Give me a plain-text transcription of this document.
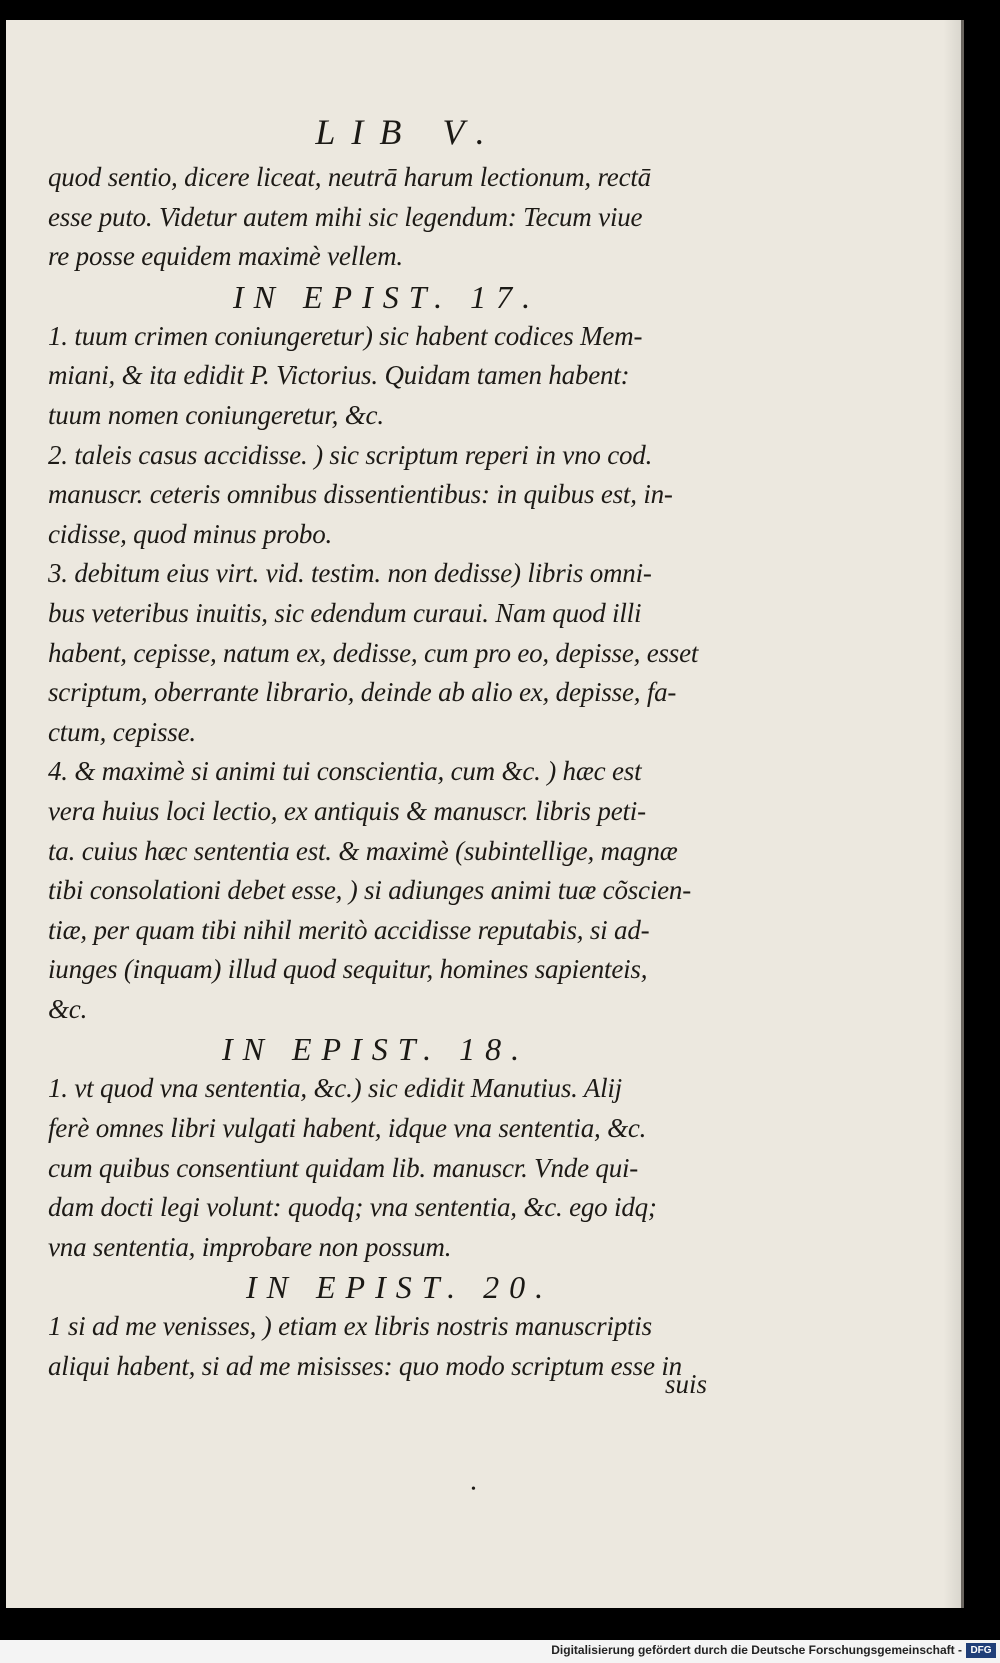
LIB V.
quod sentio, dicere liceat, neutrā harum lectionum, rectā
esse puto. Videtur autem mihi sic legendum: Tecum viue
re posse equidem maximè vellem.
IN EPIST. 17.
1. tuum crimen coniungeretur) sic habent codices Mem-
miani, & ita edidit P. Victorius. Quidam tamen habent:
tuum nomen coniungeretur, &c.
2. taleis casus accidisse. ) sic scriptum reperi in vno cod.
manuscr. ceteris omnibus dissentientibus: in quibus est, in-
cidisse, quod minus probo.
3. debitum eius virt. vid. testim. non dedisse) libris omni-
bus veteribus inuitis, sic edendum curaui. Nam quod illi
habent, cepisse, natum ex, dedisse, cum pro eo, depisse, esset
scriptum, oberrante librario, deinde ab alio ex, depisse, fa-
ctum, cepisse.
4. & maximè si animi tui conscientia, cum &c. ) hæc est
vera huius loci lectio, ex antiquis & manuscr. libris peti-
ta. cuius hæc sententia est. & maximè (subintellige, magnæ
tibi consolationi debet esse, ) si adiunges animi tuæ cõscien-
tiæ, per quam tibi nihil meritò accidisse reputabis, si ad-
iunges (inquam) illud quod sequitur, homines sapienteis,
&c.
IN EPIST. 18.
1. vt quod vna sententia, &c.) sic edidit Manutius. Alij
ferè omnes libri vulgati habent, idque vna sententia, &c.
cum quibus consentiunt quidam lib. manuscr. Vnde qui-
dam docti legi volunt: quodq; vna sententia, &c. ego idq;
vna sententia, improbare non possum.
IN EPIST. 20.
1 si ad me venisses, ) etiam ex libris nostris manuscriptis
aliqui habent, si ad me misisses: quo modo scriptum esse in
suis
•
Digitalisierung gefördert durch die Deutsche Forschungsgemeinschaft - DFG
